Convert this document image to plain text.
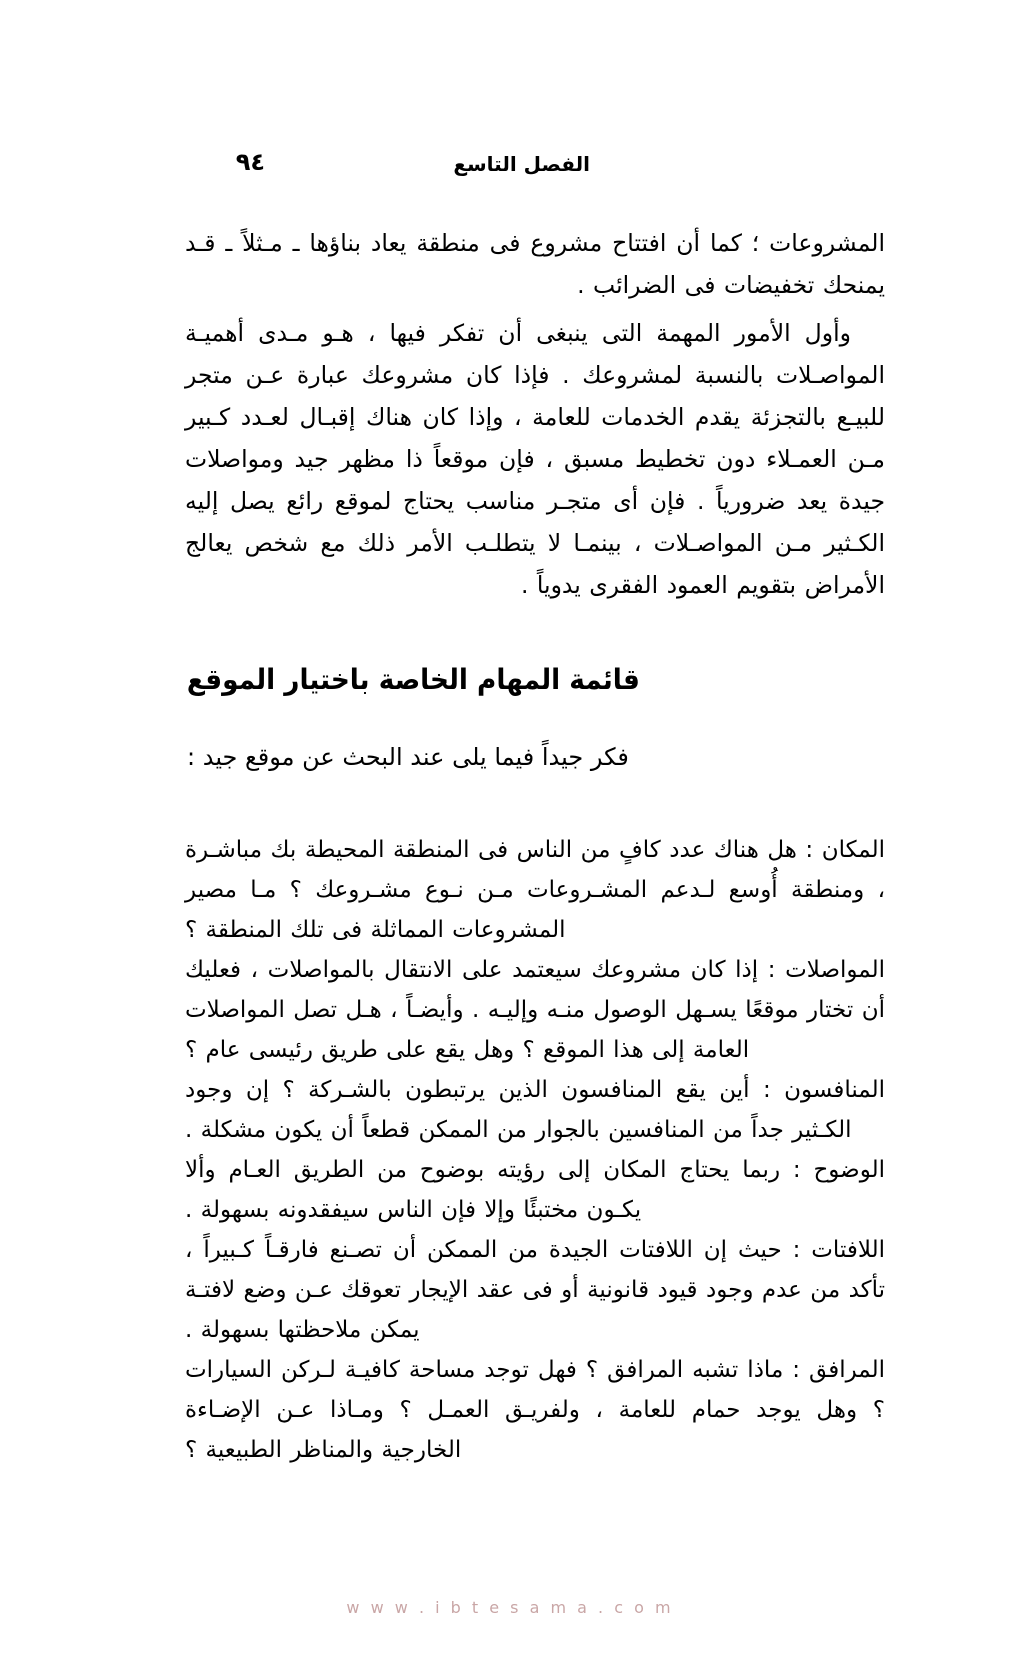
٩٤	الفصل التاسع

المشروعات ؛ كما أن افتتاح مشروع فى منطقة يعاد بناؤها ـ مـثلاً ـ قـد يمنحك تخفيضات فى الضرائب .

وأول الأمور المهمة التى ينبغى أن تفكر فيها ، هـو مـدى أهميـة المواصـلات بالنسبة لمشروعك . فإذا كان مشروعك عبارة عـن متجر للبيـع بالتجزئة يقدم الخدمات للعامة ، وإذا كان هناك إقبـال لعـدد كـبير مـن العمـلاء دون تخطيط مسبق ، فإن موقعاً ذا مظهر جيد ومواصلات جيدة يعد ضرورياً . فإن أى متجـر مناسب يحتاج لموقع رائع يصل إليه الكـثير مـن المواصـلات ، بينمـا لا يتطلـب الأمر ذلك مع شخص يعالج الأمراض بتقويم العمود الفقرى يدوياً .

قائمة المهام الخاصة باختيار الموقع

فكر جيداً فيما يلى عند البحث عن موقع جيد :

المكان : هل هناك عدد كافٍ من الناس فى المنطقة المحيطة بك مباشـرة ، ومنطقة أُوسع لـدعم المشـروعات مـن نـوع مشـروعك ؟ مـا مصير المشروعات المماثلة فى تلك المنطقة ؟

المواصلات : إذا كان مشروعك سيعتمد على الانتقال بالمواصلات ، فعليك أن تختار موقعًا يسـهل الوصول منـه وإليـه . وأيضـاً ، هـل تصل المواصلات العامة إلى هذا الموقع ؟ وهل يقع على طريق رئيسى عام ؟

المنافسون : أين يقع المنافسون الذين يرتبطون بالشـركة ؟ إن وجود الكـثير جداً من المنافسين بالجوار من الممكن قطعاً أن يكون مشكلة .

الوضوح : ربما يحتاج المكان إلى رؤيته بوضوح من الطريق العـام وألا يكـون مختبئًا وإلا فإن الناس سيفقدونه بسهولة .

اللافتات : حيث إن اللافتات الجيدة من الممكن أن تصـنع فارقـاً كـبيراً ، تأكد من عدم وجود قيود قانونية أو فى عقد الإيجار تعوقك عـن وضع لافتـة يمكن ملاحظتها بسهولة .

المرافق : ماذا تشبه المرافق ؟ فهل توجد مساحة كافيـة لـركن السيارات ؟ وهل يوجد حمام للعامة ، ولفريـق العمـل ؟ ومـاذا عـن الإضـاءة الخارجية والمناظر الطبيعية ؟

w w w . i b t e s a m a . c o m
